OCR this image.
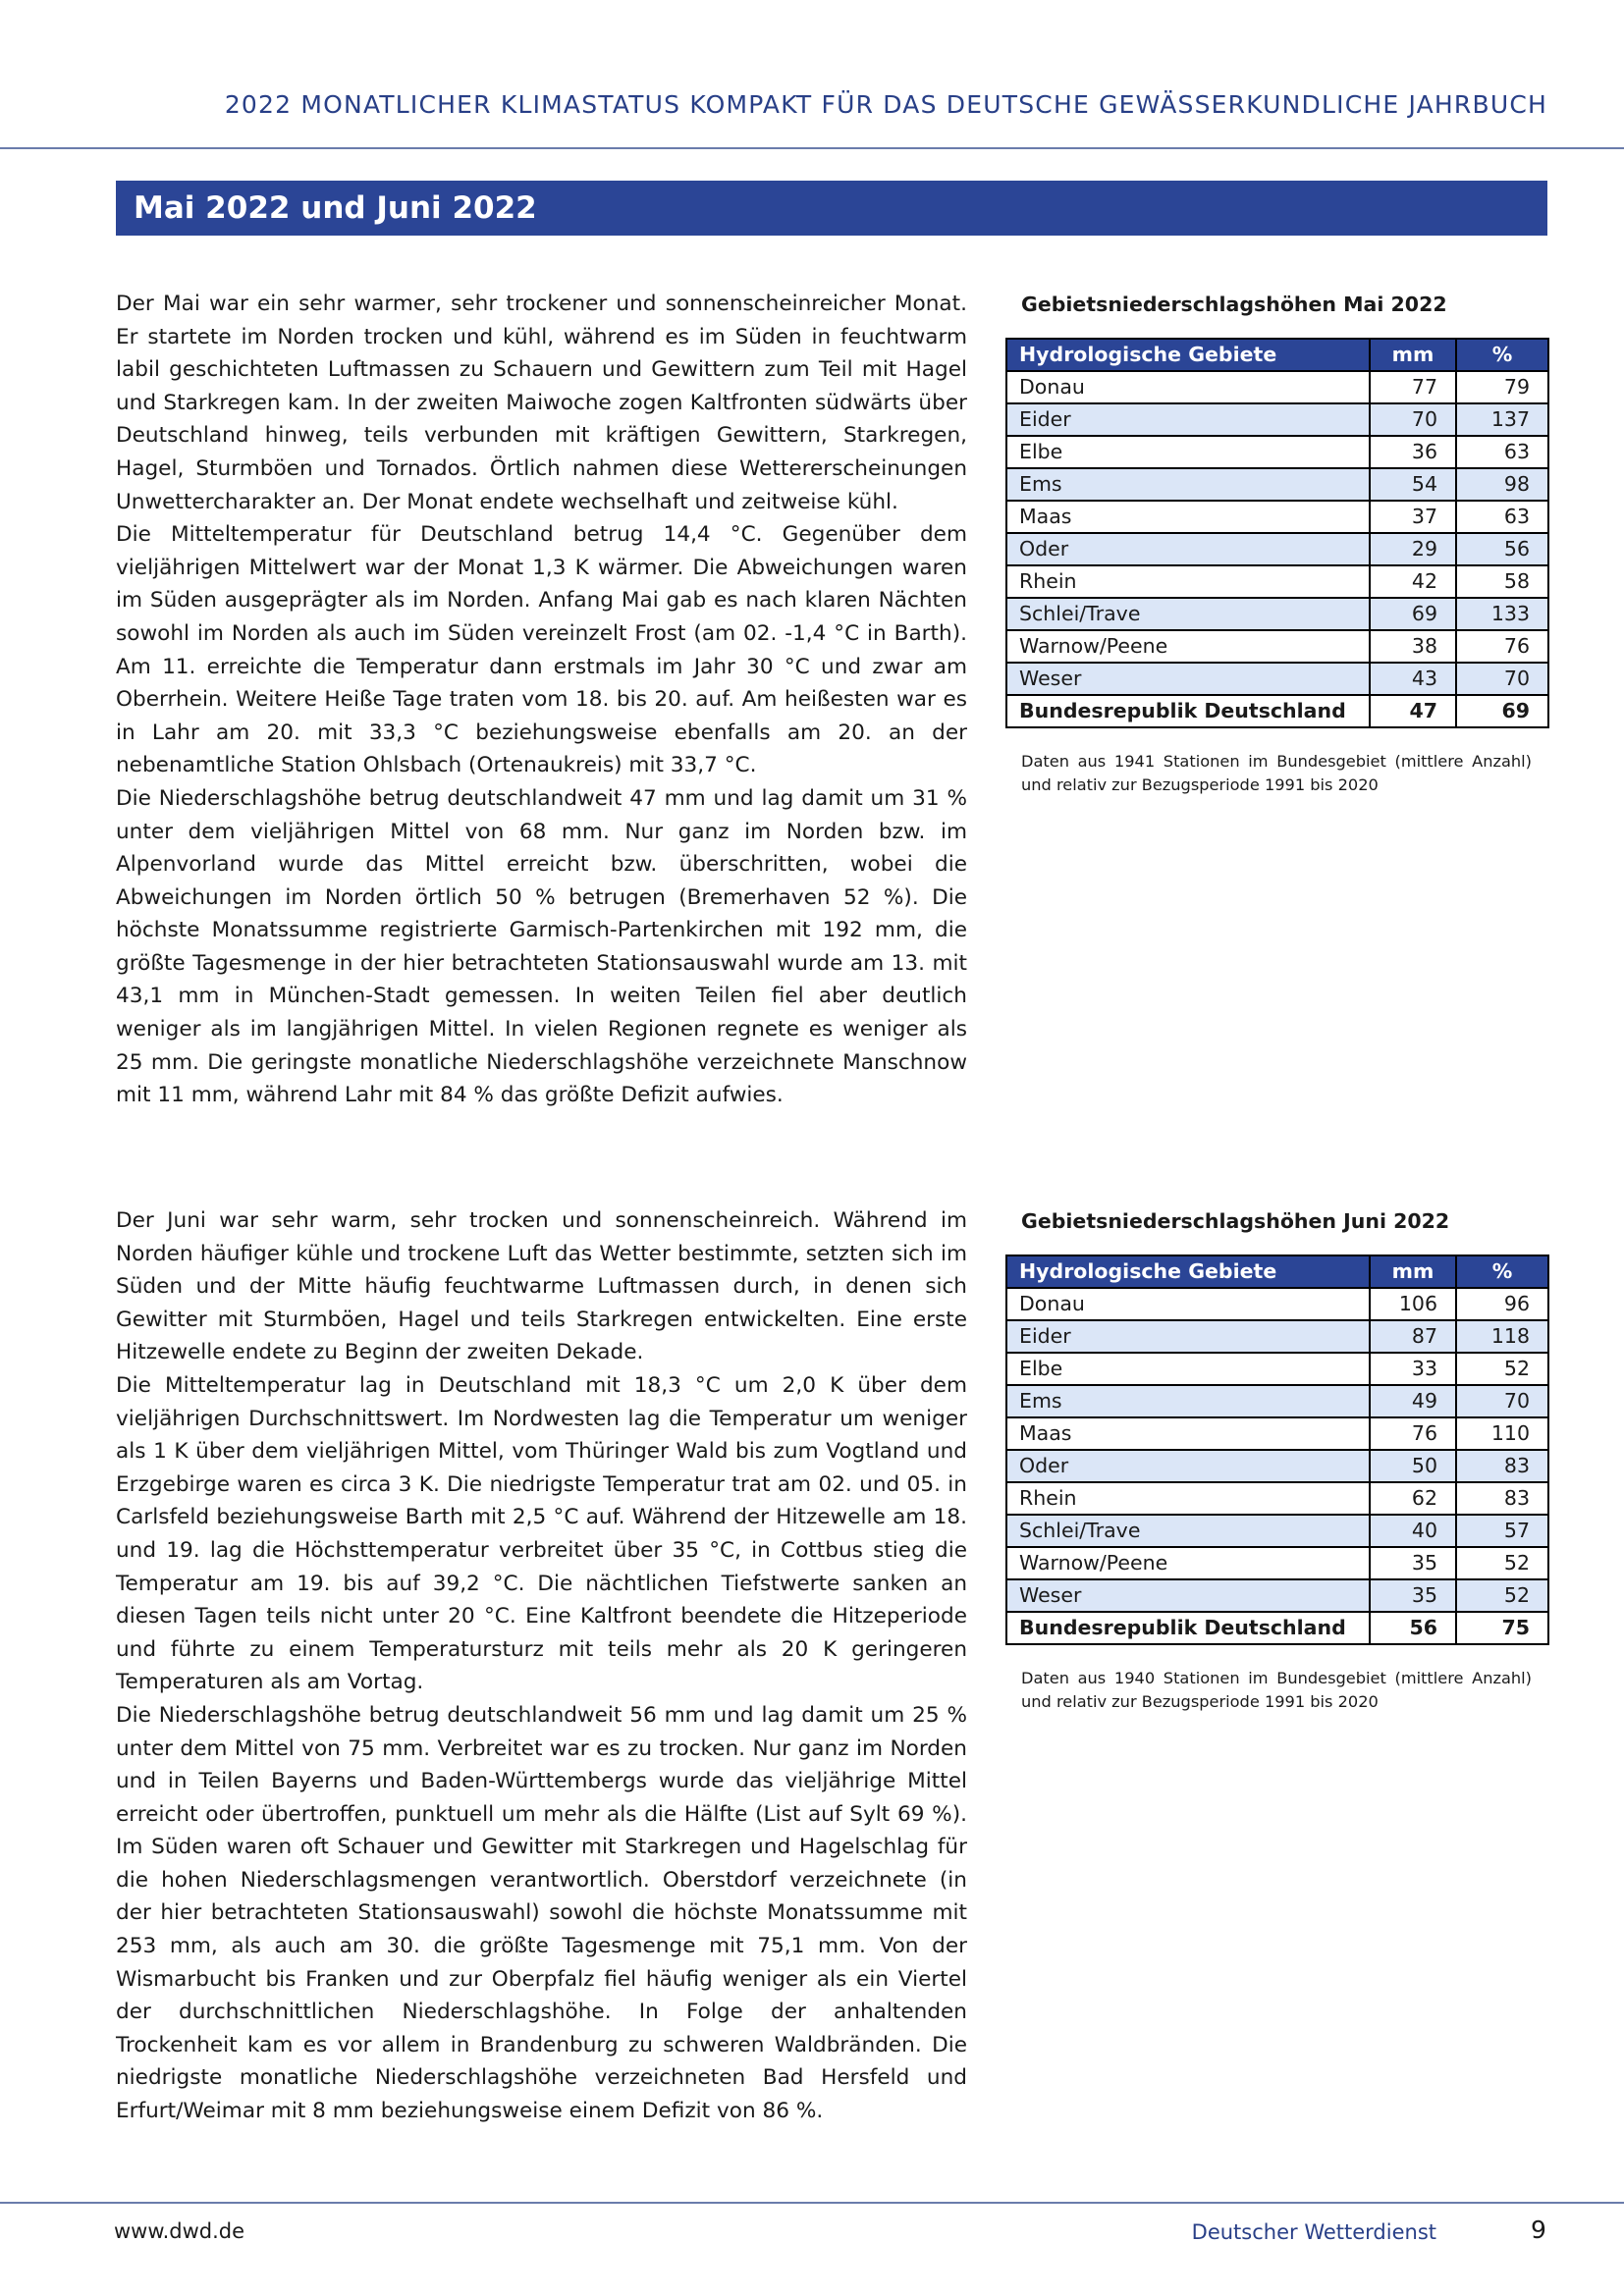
2022 MONATLICHER KLIMASTATUS KOMPAKT FÜR DAS DEUTSCHE GEWÄSSERKUNDLICHE JAHRBUCH
Mai 2022 und Juni 2022

Der Mai war ein sehr warmer, sehr trockener und sonnenscheinreicher Monat. Er startete im Norden trocken und kühl, während es im Süden in feuchtwarm labil geschichteten Luftmassen zu Schauern und Gewittern zum Teil mit Hagel und Starkregen kam. In der zweiten Maiwoche zogen Kaltfronten südwärts über Deutschland hinweg, teils verbunden mit kräftigen Gewittern, Starkregen, Hagel, Sturmböen und Tornados. Örtlich nahmen diese Wettererscheinungen Unwettercharakter an. Der Monat endete wechselhaft und zeitweise kühl.

Die Mitteltemperatur für Deutschland betrug 14,4 °C. Gegenüber dem vieljährigen Mittelwert war der Monat 1,3 K wärmer. Die Abweichungen waren im Süden ausgeprägter als im Norden. Anfang Mai gab es nach klaren Nächten sowohl im Norden als auch im Süden vereinzelt Frost (am 02. -1,4 °C in Barth). Am 11. erreichte die Temperatur dann erstmals im Jahr 30 °C und zwar am Oberrhein. Weitere Heiße Tage traten vom 18. bis 20. auf. Am heißesten war es in Lahr am 20. mit 33,3 °C beziehungsweise ebenfalls am 20. an der nebenamtliche Station Ohlsbach (Ortenaukreis) mit 33,7 °C.

Die Niederschlagshöhe betrug deutschlandweit 47 mm und lag damit um 31 % unter dem vieljährigen Mittel von 68 mm. Nur ganz im Norden bzw. im Alpenvorland wurde das Mittel erreicht bzw. überschritten, wobei die Abweichungen im Norden örtlich 50 % betrugen (Bremerhaven 52 %). Die höchste Monatssumme registrierte Garmisch-Partenkirchen mit 192 mm, die größte Tagesmenge in der hier betrachteten Stationsauswahl wurde am 13. mit 43,1 mm in München-Stadt gemessen. In weiten Teilen fiel aber deutlich weniger als im langjährigen Mittel. In vielen Regionen regnete es weniger als 25 mm. Die geringste monatliche Niederschlagshöhe verzeichnete Manschnow mit 11 mm, während Lahr mit 84 % das größte Defizit aufwies.

Gebietsniederschlagshöhen Mai 2022
Hydrologische Gebiete	mm	%
Donau	77	79
Eider	70	137
Elbe	36	63
Ems	54	98
Maas	37	63
Oder	29	56
Rhein	42	58
Schlei/Trave	69	133
Warnow/Peene	38	76
Weser	43	70
Bundesrepublik Deutschland	47	69
Daten aus 1941 Stationen im Bundesgebiet (mittlere Anzahl) und relativ zur Bezugsperiode 1991 bis 2020

Der Juni war sehr warm, sehr trocken und sonnenscheinreich. Während im Norden häufiger kühle und trockene Luft das Wetter bestimmte, setzten sich im Süden und der Mitte häufig feuchtwarme Luftmassen durch, in denen sich Gewitter mit Sturmböen, Hagel und teils Starkregen entwickelten. Eine erste Hitzewelle endete zu Beginn der zweiten Dekade.

Die Mitteltemperatur lag in Deutschland mit 18,3 °C um 2,0 K über dem vieljährigen Durchschnittswert. Im Nordwesten lag die Temperatur um weniger als 1 K über dem vieljährigen Mittel, vom Thüringer Wald bis zum Vogtland und Erzgebirge waren es circa 3 K. Die niedrigste Temperatur trat am 02. und 05. in Carlsfeld beziehungsweise Barth mit 2,5 °C auf. Während der Hitzewelle am 18. und 19. lag die Höchsttemperatur verbreitet über 35 °C, in Cottbus stieg die Temperatur am 19. bis auf 39,2 °C. Die nächtlichen Tiefstwerte sanken an diesen Tagen teils nicht unter 20 °C. Eine Kaltfront beendete die Hitzeperiode und führte zu einem Temperatursturz mit teils mehr als 20 K geringeren Temperaturen als am Vortag.

Die Niederschlagshöhe betrug deutschlandweit 56 mm und lag damit um 25 % unter dem Mittel von 75 mm. Verbreitet war es zu trocken. Nur ganz im Norden und in Teilen Bayerns und Baden-Württembergs wurde das vieljährige Mittel erreicht oder übertroffen, punktuell um mehr als die Hälfte (List auf Sylt 69 %). Im Süden waren oft Schauer und Gewitter mit Starkregen und Hagelschlag für die hohen Niederschlagsmengen verantwortlich. Oberstdorf verzeichnete (in der hier betrachteten Stationsauswahl) sowohl die höchste Monatssumme mit 253 mm, als auch am 30. die größte Tagesmenge mit 75,1 mm. Von der Wismarbucht bis Franken und zur Oberpfalz fiel häufig weniger als ein Viertel der durchschnittlichen Niederschlagshöhe. In Folge der anhaltenden Trockenheit kam es vor allem in Brandenburg zu schweren Waldbränden. Die niedrigste monatliche Niederschlagshöhe verzeichneten Bad Hersfeld und Erfurt/Weimar mit 8 mm beziehungsweise einem Defizit von 86 %.

Gebietsniederschlagshöhen Juni 2022
Hydrologische Gebiete	mm	%
Donau	106	96
Eider	87	118
Elbe	33	52
Ems	49	70
Maas	76	110
Oder	50	83
Rhein	62	83
Schlei/Trave	40	57
Warnow/Peene	35	52
Weser	35	52
Bundesrepublik Deutschland	56	75
Daten aus 1940 Stationen im Bundesgebiet (mittlere Anzahl) und relativ zur Bezugsperiode 1991 bis 2020
www.dwd.de	Deutscher Wetterdienst	9
